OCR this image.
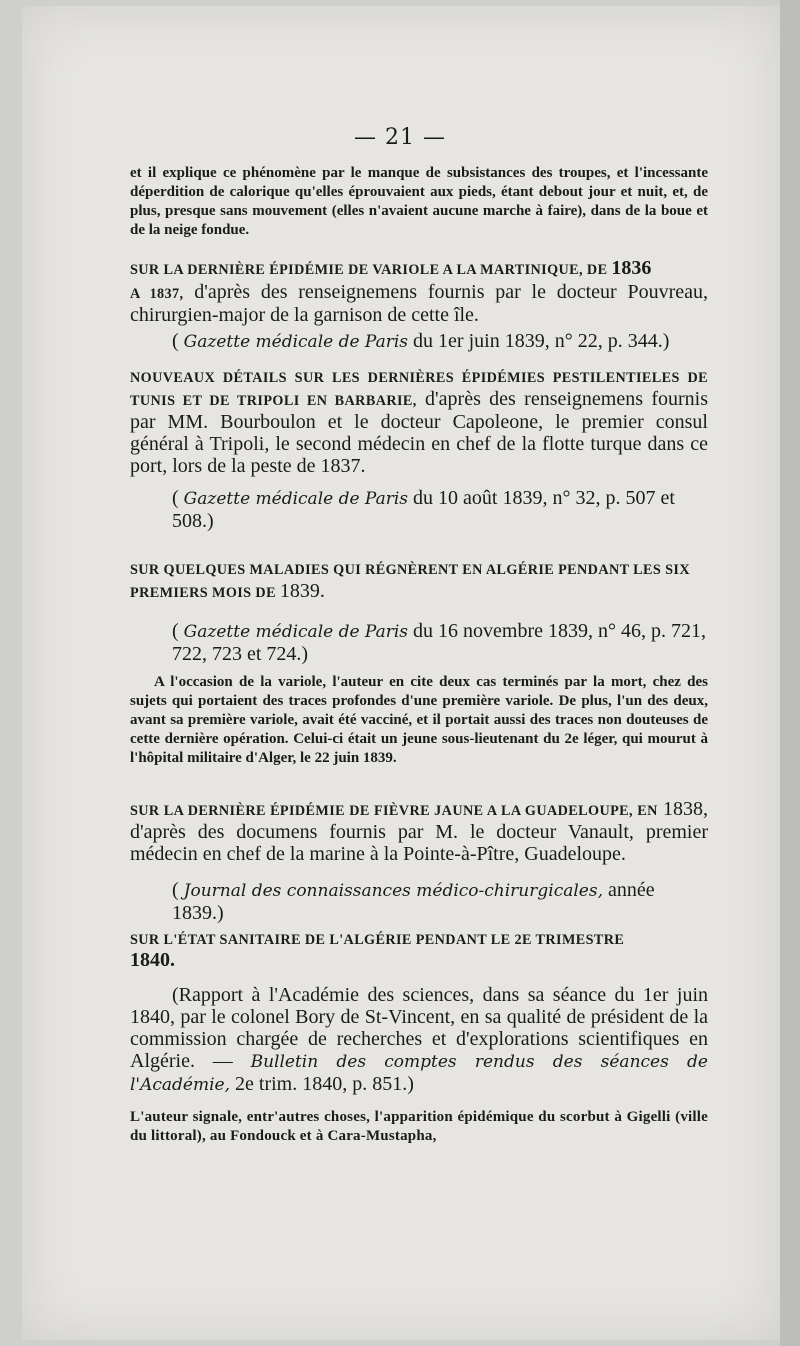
— 21 —

et il explique ce phénomène par le manque de subsistances des troupes, et l'incessante déperdition de calorique qu'elles éprouvaient aux pieds, étant debout jour et nuit, et, de plus, presque sans mouvement (elles n'avaient aucune marche à faire), dans de la boue et de la neige fondue.

SUR LA DERNIÈRE ÉPIDÉMIE DE VARIOLE A LA MARTINIQUE, DE 1836
A 1837, d'après des renseignemens fournis par le docteur Pouvreau, chirurgien-major de la garnison de cette île.
( Gazette médicale de Paris du 1er juin 1839, n° 22, p. 344.)
NOUVEAUX DÉTAILS SUR LES DERNIÈRES ÉPIDÉMIES PESTILENTIELES DE TUNIS ET DE TRIPOLI EN BARBARIE, d'après des renseignemens fournis par MM. Bourboulon et le docteur Capoleone, le premier consul général à Tripoli, le second médecin en chef de la flotte turque dans ce port, lors de la peste de 1837.
( Gazette médicale de Paris du 10 août 1839, n° 32, p. 507 et 508.)
SUR QUELQUES MALADIES QUI RÉGNÈRENT EN ALGÉRIE PENDANT LES SIX PREMIERS MOIS DE 1839.
( Gazette médicale de Paris du 16 novembre 1839, n° 46, p. 721, 722, 723 et 724.)

A l'occasion de la variole, l'auteur en cite deux cas terminés par la mort, chez des sujets qui portaient des traces profondes d'une première variole. De plus, l'un des deux, avant sa première variole, avait été vacciné, et il portait aussi des traces non douteuses de cette dernière opération. Celui-ci était un jeune sous-lieutenant du 2e léger, qui mourut à l'hôpital militaire d'Alger, le 22 juin 1839.

SUR LA DERNIÈRE ÉPIDÉMIE DE FIÈVRE JAUNE A LA GUADELOUPE, EN 1838, d'après des documens fournis par M. le docteur Vanault, premier médecin en chef de la marine à la Pointe-à-Pître, Guadeloupe.
( Journal des connaissances médico-chirurgicales, année 1839.)
SUR L'ÉTAT SANITAIRE DE L'ALGÉRIE PENDANT LE 2E TRIMESTRE
1840.
(Rapport à l'Académie des sciences, dans sa séance du 1er juin 1840, par le colonel Bory de St-Vincent, en sa qualité de président de la commission chargée de recherches et d'explorations scientifiques en Algérie. — Bulletin des comptes rendus des séances de l'Académie, 2e trim. 1840, p. 851.)

L'auteur signale, entr'autres choses, l'apparition épidémique du scorbut à Gigelli (ville du littoral), au Fondouck et à Cara-Mustapha,
